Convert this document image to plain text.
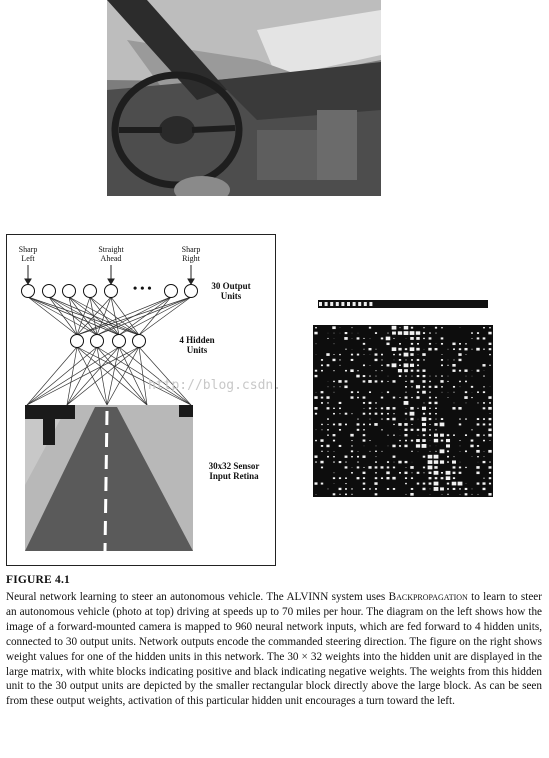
Sharp
Left
Straight
Ahead
Sharp
Right
• • •	30 Output
Units
4 Hidden
Units
30x32 Sensor
Input Retina
http://blog.csdn.
FIGURE 4.1
Neural network learning to steer an autonomous vehicle. The ALVINN system uses Backpropagation to learn to steer an autonomous vehicle (photo at top) driving at speeds up to 70 miles per hour. The diagram on the left shows how the image of a forward-mounted camera is mapped to 960 neural network inputs, which are fed forward to 4 hidden units, connected to 30 output units. Network outputs encode the commanded steering direction. The figure on the right shows weight values for one of the hidden units in this network. The 30 × 32 weights into the hidden unit are displayed in the large matrix, with white blocks indicating positive and black indicating negative weights. The weights from this hidden unit to the 30 output units are depicted by the smaller rectangular block directly above the large block. As can be seen from these output weights, activation of this particular hidden unit encourages a turn toward the left.
